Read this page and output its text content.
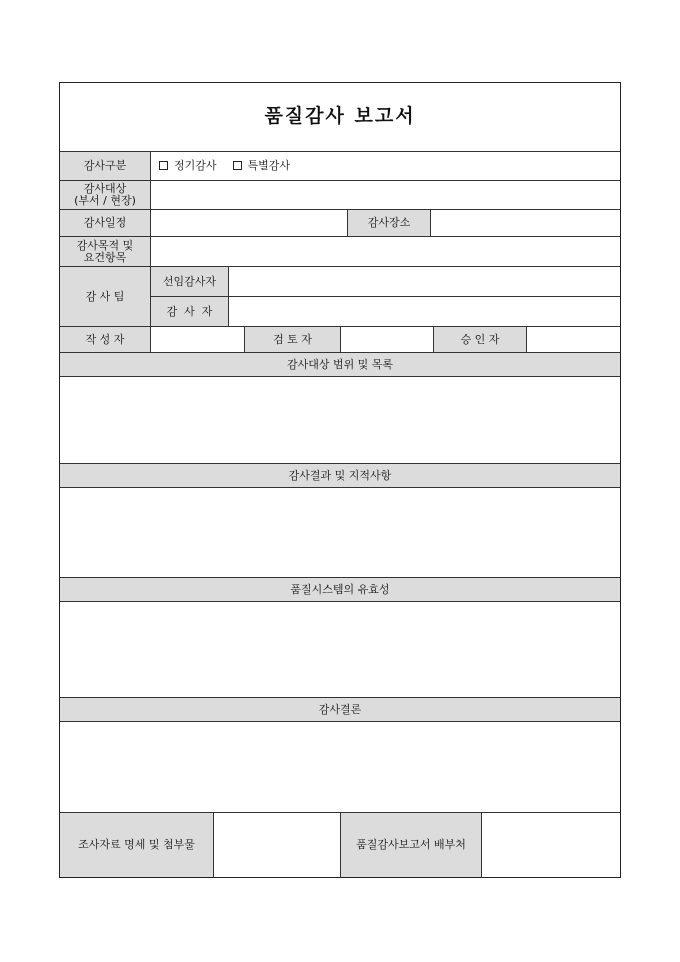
품질감사 보고서
감사구분	정기감사	특별감사
감사대상
(부서 / 현장)
감사일정	감사장소
감사목적 및
요건항목
감 사 팀
선임감사자
감  사  자
작 성 자	검 토 자	승 인 자
감사대상 범위 및 목록
감사결과 및 지적사항
품질시스템의 유효성
감사결론
조사자료 명세 및 첨부물	품질감사보고서 배부처
